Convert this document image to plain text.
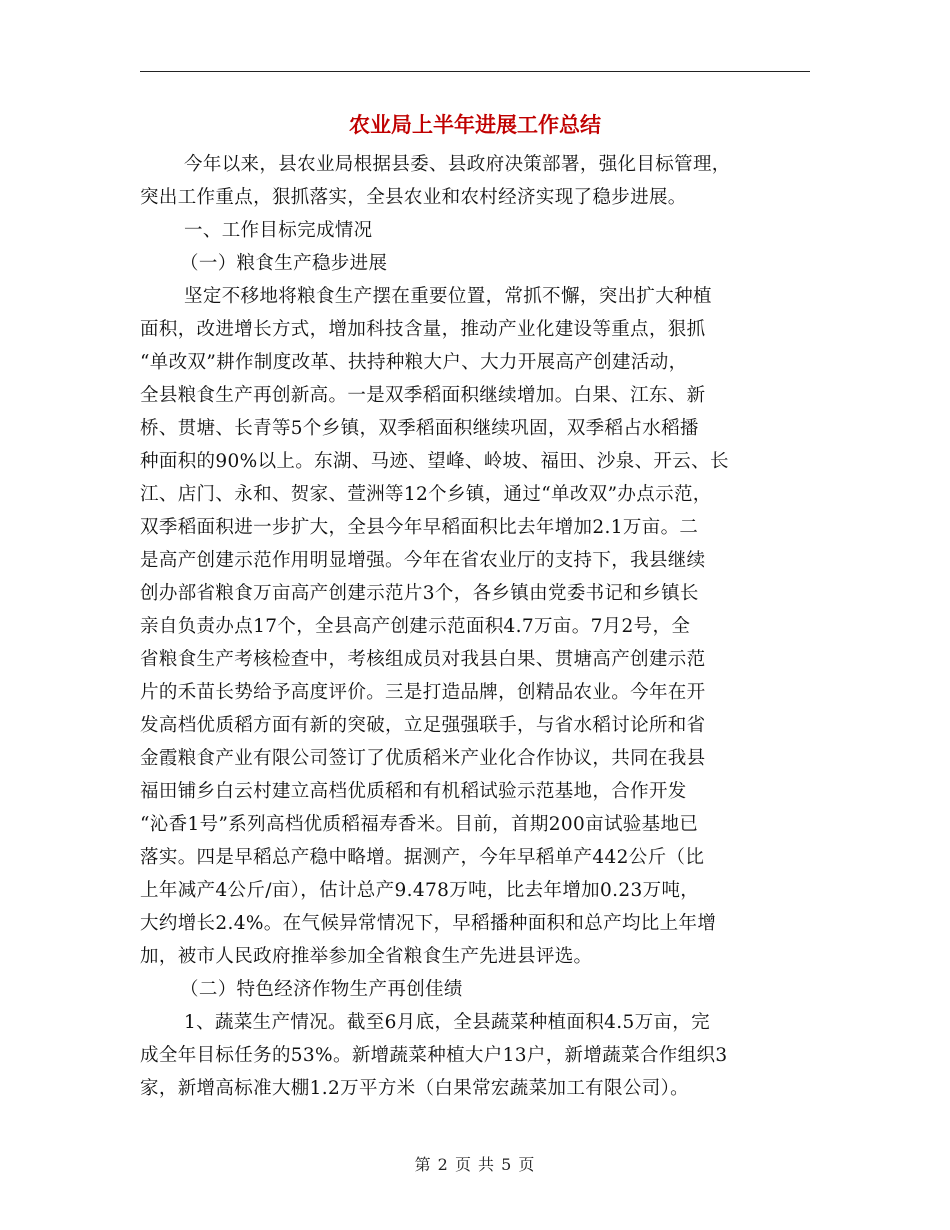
农业局上半年进展工作总结
今年以来，县农业局根据县委、县政府决策部署，强化目标管理，
突出工作重点，狠抓落实，全县农业和农村经济实现了稳步进展。
一、工作目标完成情况
（一）粮食生产稳步进展
坚定不移地将粮食生产摆在重要位置，常抓不懈，突出扩大种植
面积，改进增长方式，增加科技含量，推动产业化建设等重点，狠抓
“单改双”耕作制度改革、扶持种粮大户、大力开展高产创建活动，
全县粮食生产再创新高。一是双季稻面积继续增加。白果、江东、新
桥、贯塘、长青等5个乡镇，双季稻面积继续巩固，双季稻占水稻播
种面积的90%以上。东湖、马迹、望峰、岭坡、福田、沙泉、开云、长
江、店门、永和、贺家、萱洲等12个乡镇，通过“单改双”办点示范，
双季稻面积进一步扩大，全县今年早稻面积比去年增加2.1万亩。二
是高产创建示范作用明显增强。今年在省农业厅的支持下，我县继续
创办部省粮食万亩高产创建示范片3个，各乡镇由党委书记和乡镇长
亲自负责办点17个，全县高产创建示范面积4.7万亩。7月2号，全
省粮食生产考核检查中，考核组成员对我县白果、贯塘高产创建示范
片的禾苗长势给予高度评价。三是打造品牌，创精品农业。今年在开
发高档优质稻方面有新的突破，立足强强联手，与省水稻讨论所和省
金霞粮食产业有限公司签订了优质稻米产业化合作协议，共同在我县
福田铺乡白云村建立高档优质稻和有机稻试验示范基地，合作开发
“沁香1号”系列高档优质稻福寿香米。目前，首期200亩试验基地已
落实。四是早稻总产稳中略增。据测产，今年早稻单产442公斤（比
上年减产4公斤/亩），估计总产9.478万吨，比去年增加0.23万吨，
大约增长2.4%。在气候异常情况下，早稻播种面积和总产均比上年增
加，被市人民政府推举参加全省粮食生产先进县评选。
（二）特色经济作物生产再创佳绩
1、蔬菜生产情况。截至6月底，全县蔬菜种植面积4.5万亩，完
成全年目标任务的53%。新增蔬菜种植大户13户，新增蔬菜合作组织3
家，新增高标准大棚1.2万平方米（白果常宏蔬菜加工有限公司）。
第 2 页 共 5 页
